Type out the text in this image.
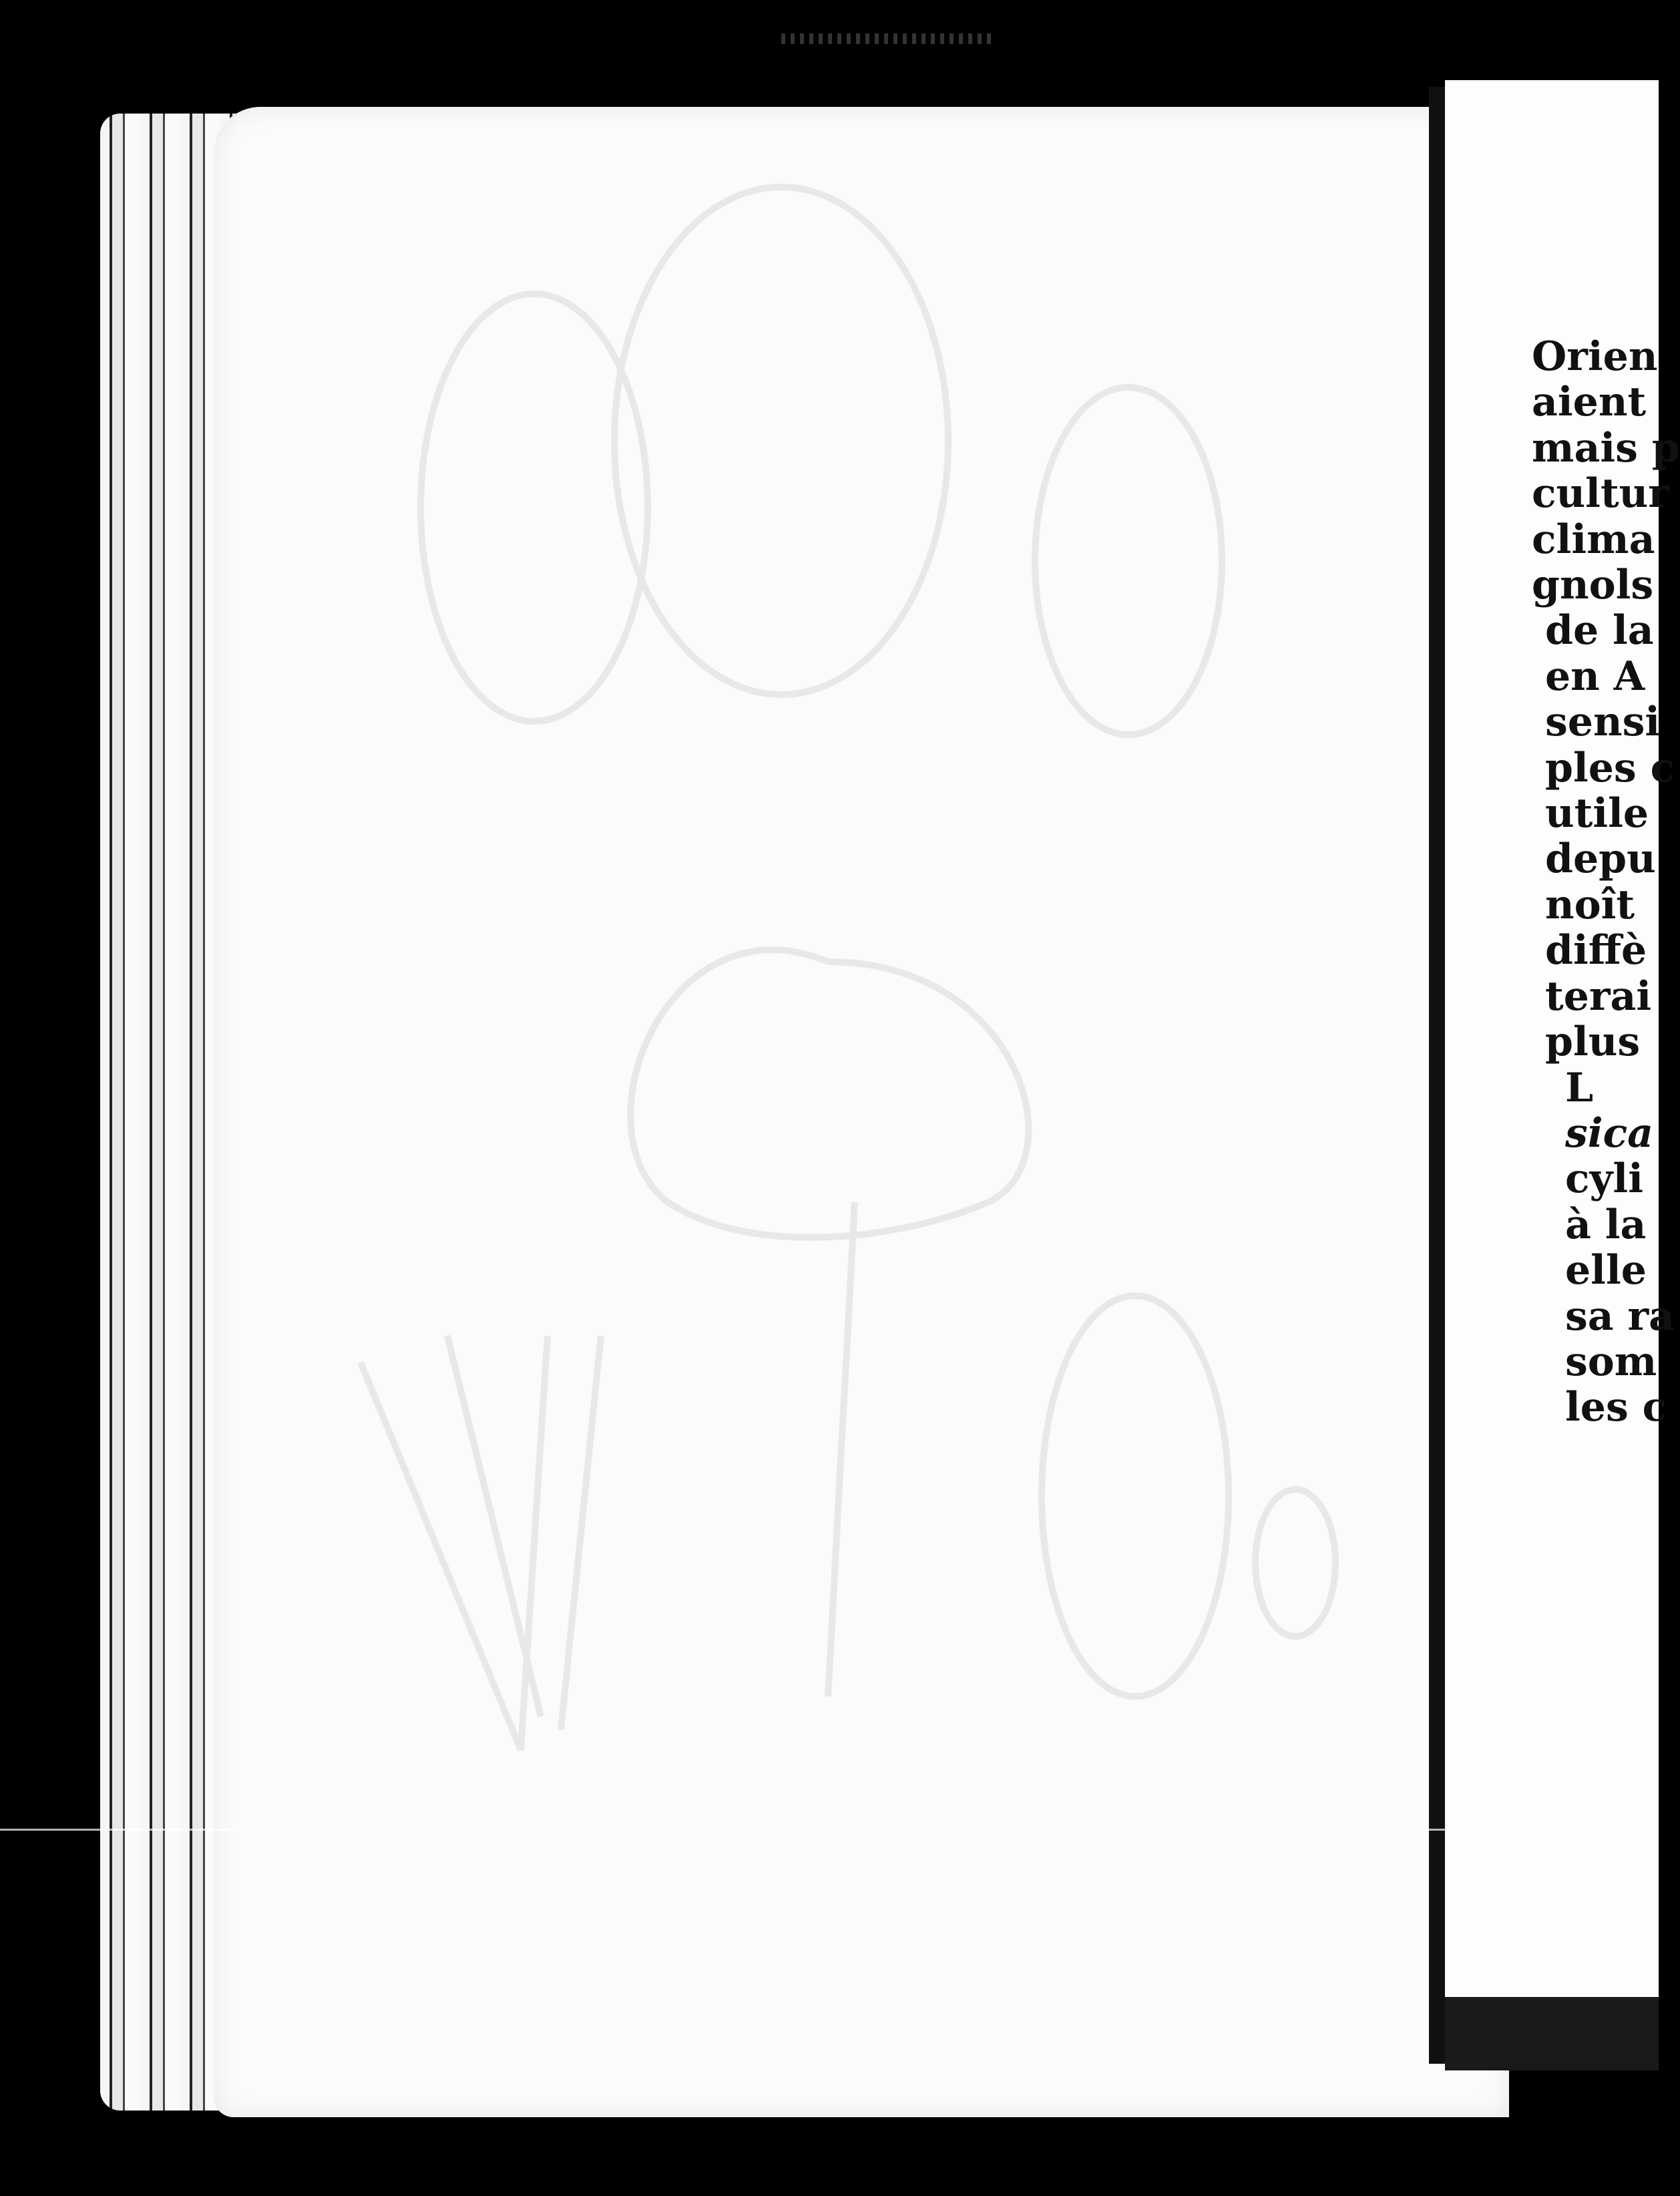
Orien
aient
mais p
cultur
clima
gnols
de la
en A
sensi
ples c
utile
depu
noît
diffè
terai
plus
L
sica
cyli
à la
elle
sa ra
som
les c
